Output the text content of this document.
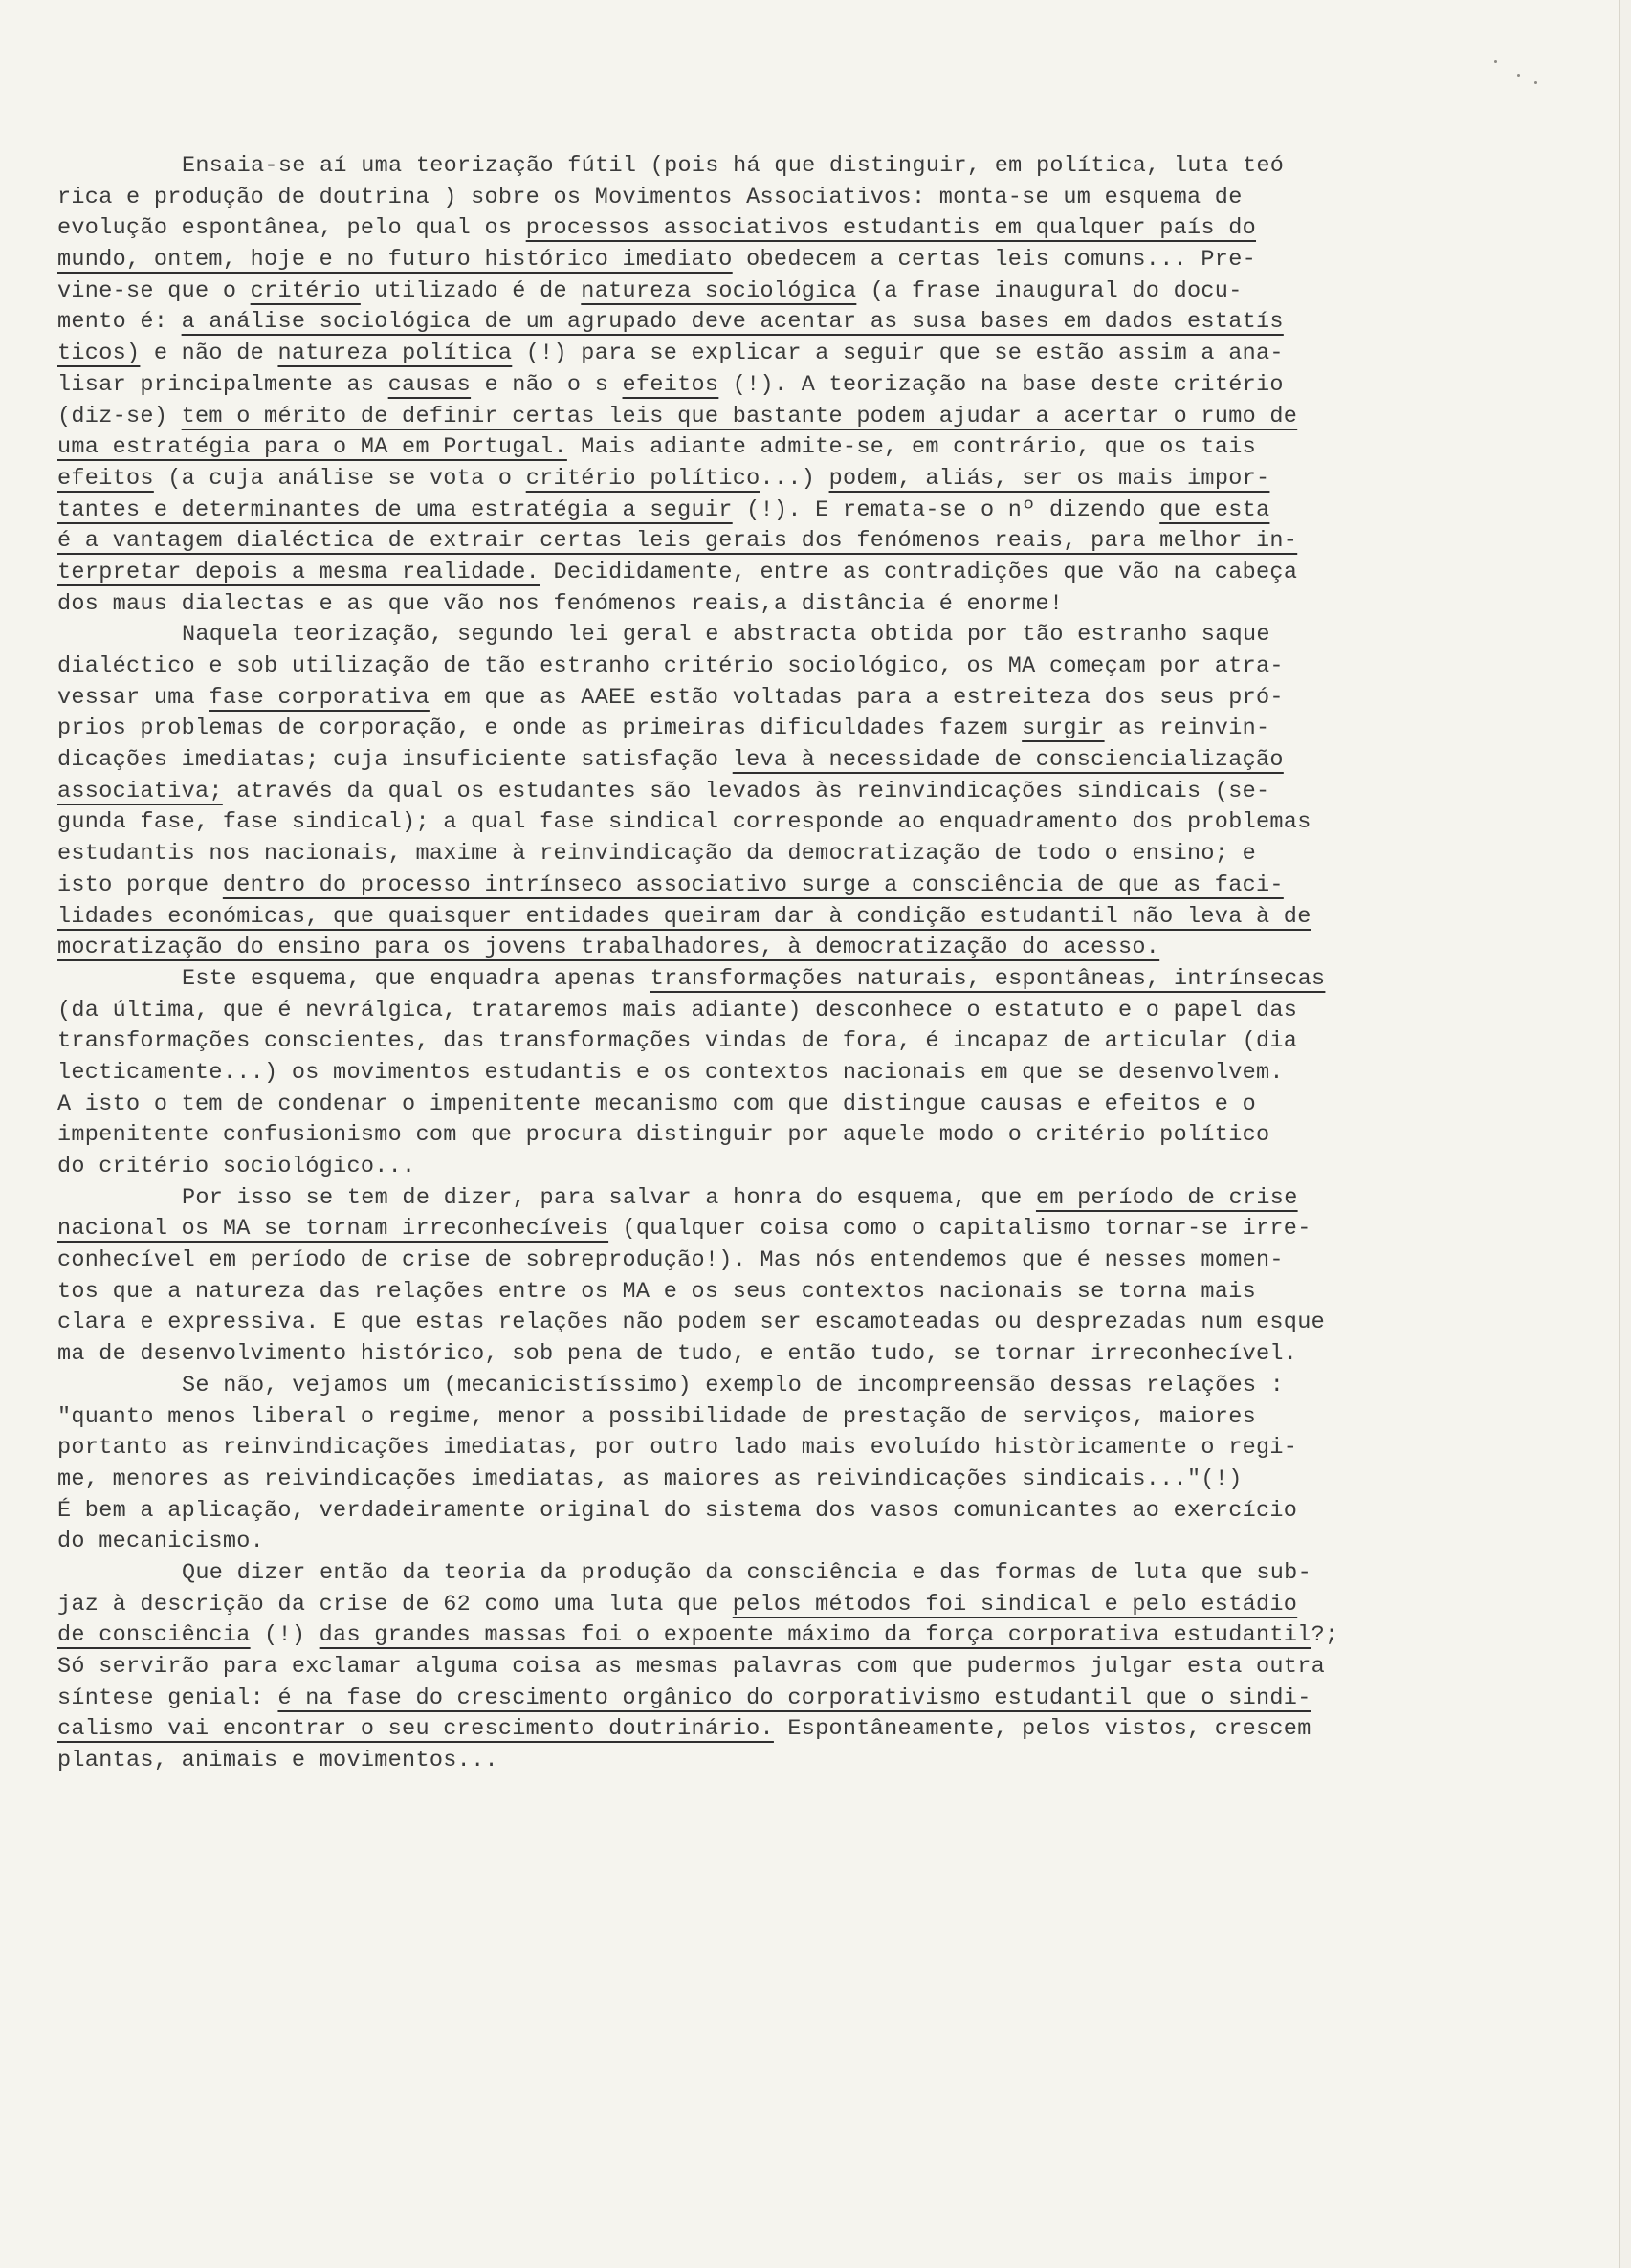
Ensaia-se aí uma teorização fútil (pois há que distinguir, em política, luta teó
rica e produção de doutrina ) sobre os Movimentos Associativos: monta-se um esquema de
evolução espontânea, pelo qual os processos associativos estudantis em qualquer país do
mundo, ontem, hoje e no futuro histórico imediato obedecem a certas leis comuns... Pre-
vine-se que o critério utilizado é de natureza sociológica (a frase inaugural do docu-
mento é: a análise sociológica de um agrupado deve acentar as susa bases em dados estatís
ticos) e não de natureza política (!) para se explicar a seguir que se estão assim a ana-
lisar principalmente as causas e não o s efeitos (!). A teorização na base deste critério
(diz-se) tem o mérito de definir certas leis que bastante podem ajudar a acertar o rumo de
uma estratégia para o MA em Portugal. Mais adiante admite-se, em contrário, que os tais
efeitos (a cuja análise se vota o critério político...) podem, aliás, ser os mais impor-
tantes e determinantes de uma estratégia a seguir (!). E remata-se o nº dizendo que esta
é a vantagem dialéctica de extrair certas leis gerais dos fenómenos reais, para melhor in-
terpretar depois a mesma realidade. Decididamente, entre as contradições que vão na cabeça
dos maus dialectas e as que vão nos fenómenos reais,a distância é enorme!
Naquela teorização, segundo lei geral e abstracta obtida por tão estranho saque
dialéctico e sob utilização de tão estranho critério sociológico, os MA começam por atra-
vessar uma fase corporativa em que as AAEE estão voltadas para a estreiteza dos seus pró-
prios problemas de corporação, e onde as primeiras dificuldades fazem surgir as reinvin-
dicações imediatas; cuja insuficiente satisfação leva à necessidade de consciencialização
associativa; através da qual os estudantes são levados às reinvindicações sindicais (se-
gunda fase, fase sindical); a qual fase sindical corresponde ao enquadramento dos problemas
estudantis nos nacionais, maxime à reinvindicação da democratização de todo o ensino; e
isto porque dentro do processo intrínseco associativo surge a consciência de que as faci-
lidades económicas, que quaisquer entidades queiram dar à condição estudantil não leva à de
mocratização do ensino para os jovens trabalhadores, à democratização do acesso.
Este esquema, que enquadra apenas transformações naturais, espontâneas, intrínsecas
(da última, que é nevrálgica, trataremos mais adiante) desconhece o estatuto e o papel das
transformações conscientes, das transformações vindas de fora, é incapaz de articular (dia
lecticamente...) os movimentos estudantis e os contextos nacionais em que se desenvolvem.
A isto o tem de condenar o impenitente mecanismo com que distingue causas e efeitos e o
impenitente confusionismo com que procura distinguir por aquele modo o critério político
do critério sociológico...
Por isso se tem de dizer, para salvar a honra do esquema, que em período de crise
nacional os MA se tornam irreconhecíveis (qualquer coisa como o capitalismo tornar-se irre-
conhecível em período de crise de sobreprodução!). Mas nós entendemos que é nesses momen-
tos que a natureza das relações entre os MA e os seus contextos nacionais se torna mais
clara e expressiva. E que estas relações não podem ser escamoteadas ou desprezadas num esque
ma de desenvolvimento histórico, sob pena de tudo, e então tudo, se tornar irreconhecível.
Se não, vejamos um (mecanicistíssimo) exemplo de incompreensão dessas relações :
"quanto menos liberal o regime, menor a possibilidade de prestação de serviços, maiores
portanto as reinvindicações imediatas, por outro lado mais evoluído històricamente o regi-
me, menores as reivindicações imediatas, as maiores as reivindicações sindicais..."(!)
É bem a aplicação, verdadeiramente original do sistema dos vasos comunicantes ao exercício
do mecanicismo.
Que dizer então da teoria da produção da consciência e das formas de luta que sub-
jaz à descrição da crise de 62 como uma luta que pelos métodos foi sindical e pelo estádio
de consciência (!) das grandes massas foi o expoente máximo da força corporativa estudantil?;
Só servirão para exclamar alguma coisa as mesmas palavras com que pudermos julgar esta outra
síntese genial: é na fase do crescimento orgânico do corporativismo estudantil que o sindi-
calismo vai encontrar o seu crescimento doutrinário. Espontâneamente, pelos vistos, crescem
plantas, animais e movimentos...
